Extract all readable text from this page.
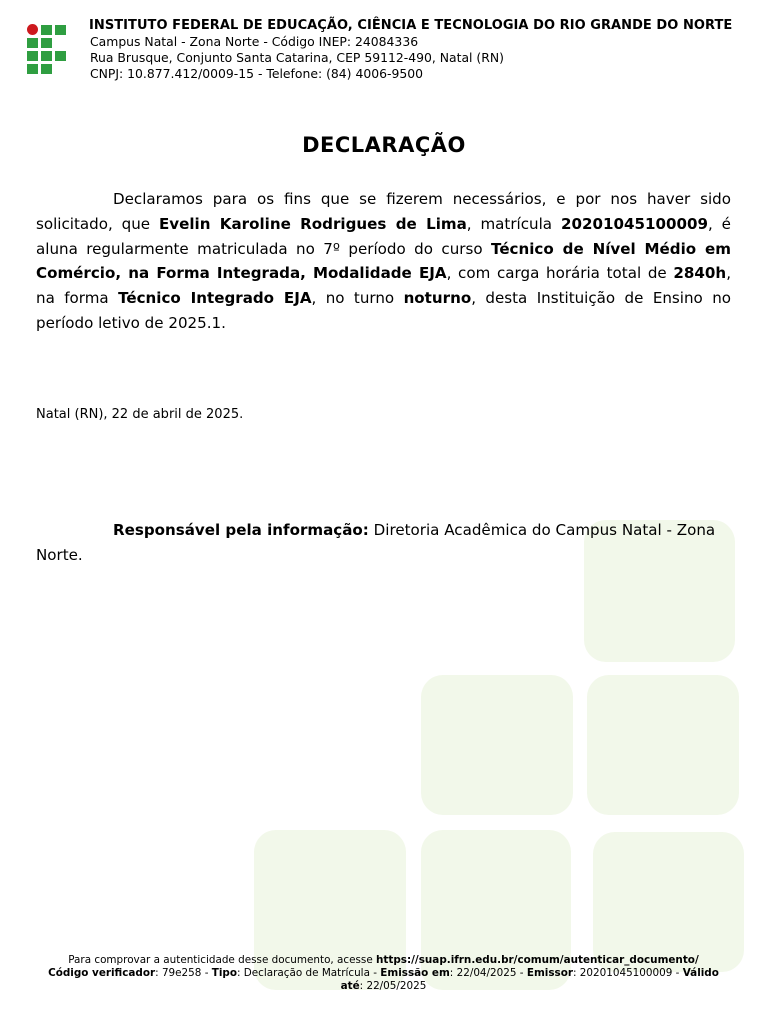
INSTITUTO FEDERAL DE EDUCAÇÃO, CIÊNCIA E TECNOLOGIA DO RIO GRANDE DO NORTE
Campus Natal - Zona Norte - Código INEP: 24084336
Rua Brusque, Conjunto Santa Catarina, CEP 59112-490, Natal (RN)
CNPJ: 10.877.412/0009-15 - Telefone: (84) 4006-9500
DECLARAÇÃO

Declaramos para os fins que se fizerem necessários, e por nos haver sido solicitado, que Evelin Karoline Rodrigues de Lima, matrícula 20201045100009, é aluna regularmente matriculada no 7º período do curso Técnico de Nível Médio em Comércio, na Forma Integrada, Modalidade EJA, com carga horária total de 2840h, na forma Técnico Integrado EJA, no turno noturno, desta Instituição de Ensino no período letivo de 2025.1.

Natal (RN), 22 de abril de 2025.

Responsável pela informação: Diretoria Acadêmica do Campus Natal - Zona Norte.

Para comprovar a autenticidade desse documento, acesse https://suap.ifrn.edu.br/comum/autenticar_documento/
Código verificador: 79e258 - Tipo: Declaração de Matrícula - Emissão em: 22/04/2025 - Emissor: 20201045100009 - Válido até: 22/05/2025
